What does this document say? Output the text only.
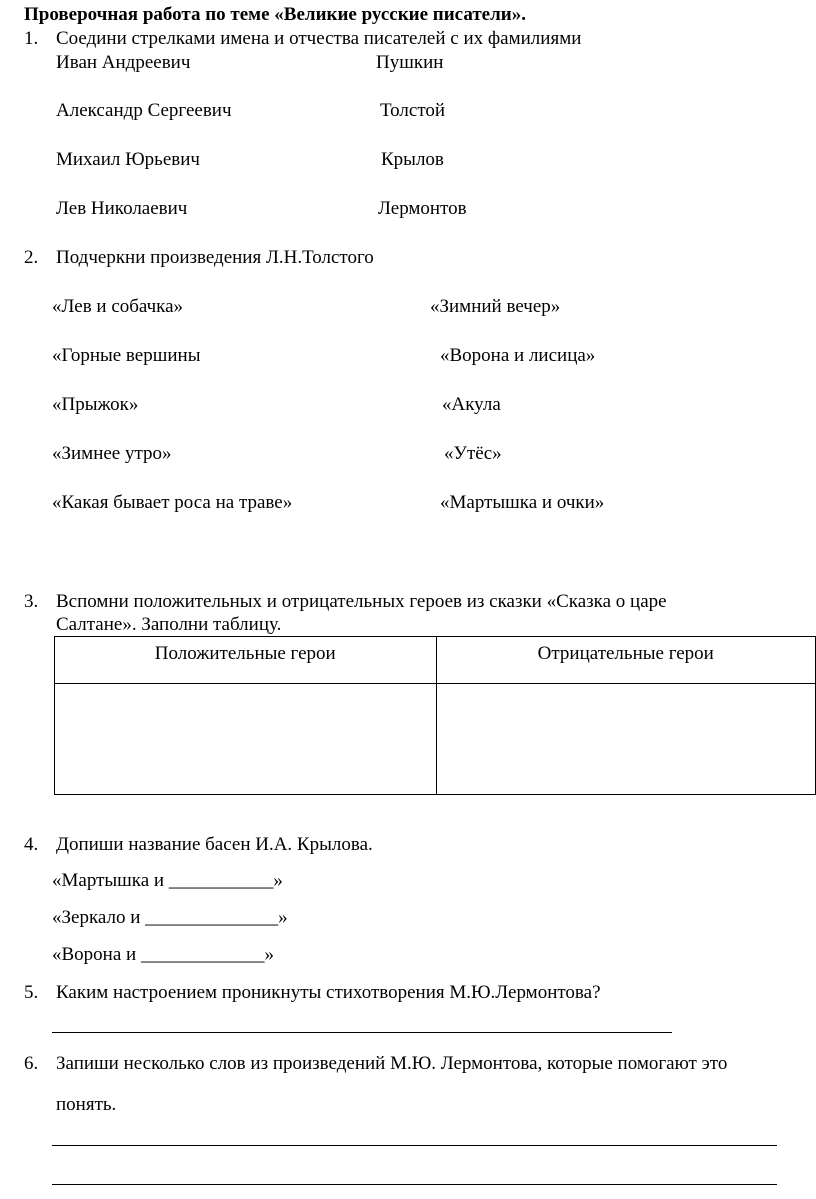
Проверочная работа по теме «Великие русские писатели».
1. Соедини стрелками имена и отчества писателей с их фамилиями
Иван Андреевич	Пушкин
Александр Сергеевич	Толстой
Михаил Юрьевич	Крылов
Лев Николаевич	Лермонтов
2. Подчеркни произведения Л.Н.Толстого
«Лев и собачка»	«Зимний вечер»
«Горные вершины	«Ворона и лисица»
«Прыжок»	«Акула
«Зимнее утро»	«Утёс»
«Какая бывает роса на траве»	«Мартышка и очки»
3. Вспомни положительных и отрицательных героев из сказки «Сказка о царе
Салтане». Заполни таблицу.
Положительные герои	Отрицательные герои

4. Допиши название басен И.А. Крылова.
«Мартышка и ___________»
«Зеркало и ______________»
«Ворона и _____________»
5. Каким настроением проникнуты стихотворения М.Ю.Лермонтова?
6. Запиши несколько слов из произведений М.Ю. Лермонтова, которые помогают это
понять.
